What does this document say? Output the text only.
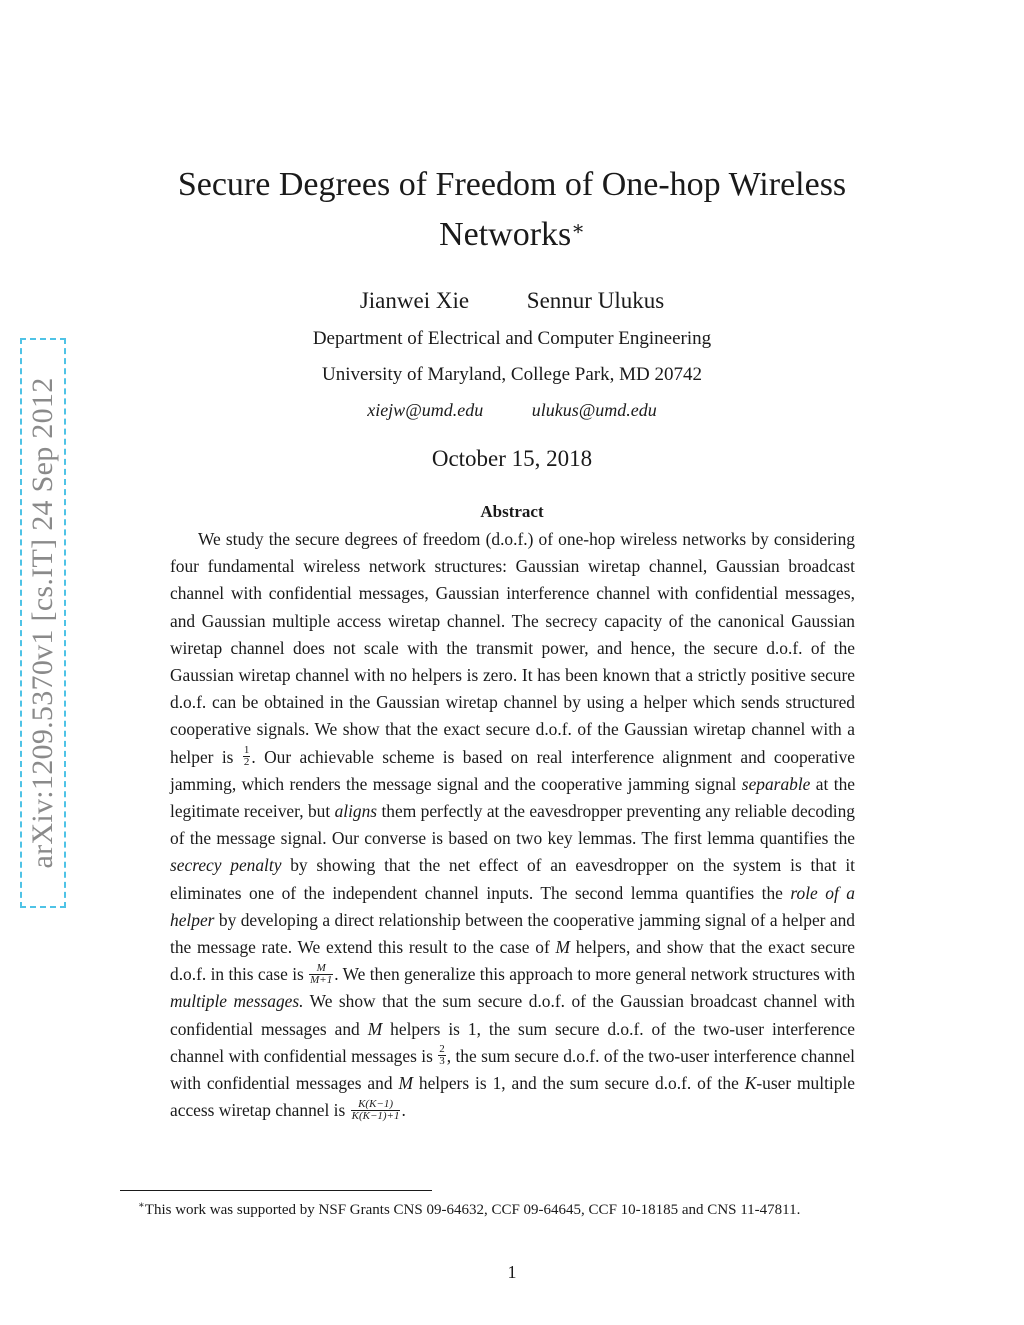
arXiv:1209.5370v1 [cs.IT] 24 Sep 2012
Secure Degrees of Freedom of One-hop Wireless
Networks∗
Jianwei Xie	Sennur Ulukus
Department of Electrical and Computer Engineering
University of Maryland, College Park, MD 20742
xiejw@umd.edu	ulukus@umd.edu
October 15, 2018
Abstract

We study the secure degrees of freedom (d.o.f.) of one-hop wireless networks by considering four fundamental wireless network structures: Gaussian wiretap channel, Gaussian broadcast channel with confidential messages, Gaussian interference channel with confidential messages, and Gaussian multiple access wiretap channel. The secrecy capacity of the canonical Gaussian wiretap channel does not scale with the transmit power, and hence, the secure d.o.f. of the Gaussian wiretap channel with no helpers is zero. It has been known that a strictly positive secure d.o.f. can be obtained in the Gaussian wiretap channel by using a helper which sends structured cooperative signals. We show that the exact secure d.o.f. of the Gaussian wiretap channel with a helper is $\frac{1}{2}$ . Our achievable scheme is based on real interference alignment and cooperative jamming, which renders the message signal and the cooperative jamming signal separable at the legitimate receiver, but aligns them perfectly at the eavesdropper preventing any reliable decoding of the message signal. Our converse is based on two key lemmas. The first lemma quantifies the secrecy penalty by showing that the net effect of an eavesdropper on the system is that it eliminates one of the independent channel inputs. The second lemma quantifies the role of a helper by developing a direct relationship between the cooperative jamming signal of a helper and the message rate. We extend this result to the case of M helpers, and show that the exact secure d.o.f. in this case is $\frac{M}{M+1}$ . We then generalize this approach to more general network structures with multiple messages. We show that the sum secure d.o.f. of the Gaussian broadcast channel with confidential messages and M helpers is 1, the sum secure d.o.f. of the two-user interference channel with confidential messages is $\frac{2}{3}$ , the sum secure d.o.f. of the two-user interference channel with confidential messages and M helpers is 1, and the sum secure d.o.f. of the K-user multiple access wiretap channel is $\frac{K(K-1)}{K(K-1)+1}$ .

∗This work was supported by NSF Grants CNS 09-64632, CCF 09-64645, CCF 10-18185 and CNS 11-47811.

1
